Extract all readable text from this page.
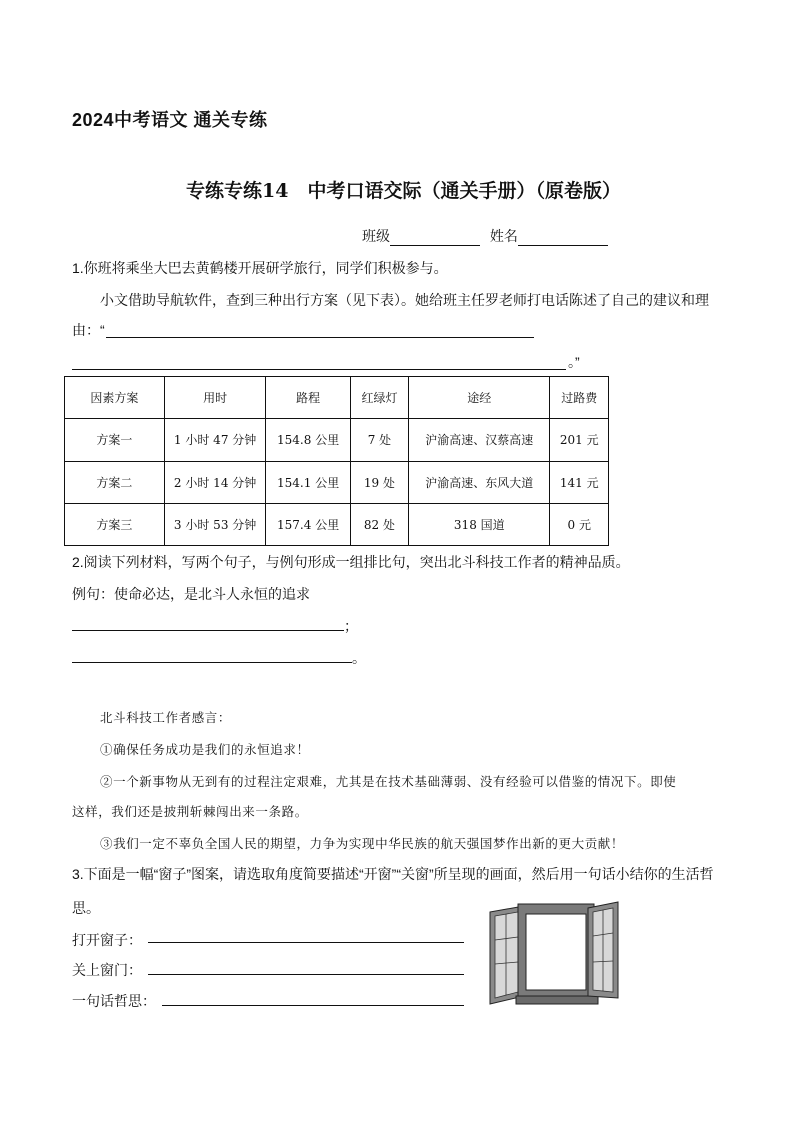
2024中考语文 通关专练
专练专练14　中考口语交际（通关手册）（原卷版）
班级	姓名
1.你班将乘坐大巴去黄鹤楼开展研学旅行，同学们积极参与。
小文借助导航软件，查到三种出行方案（见下表）。她给班主任罗老师打电话陈述了自己的建议和理
由：“
。”
因素方案	用时	路程	红绿灯	途经	过路费
方案一	1 小时 47 分钟	154.8 公里	7 处	沪渝高速、汉蔡高速	201 元
方案二	2 小时 14 分钟	154.1 公里	19 处	沪渝高速、东风大道	141 元
方案三	3 小时 53 分钟	157.4 公里	82 处	318 国道	0 元
2.阅读下列材料，写两个句子，与例句形成一组排比句，突出北斗科技工作者的精神品质。
例句：使命必达，是北斗人永恒的追求
；
。
北斗科技工作者感言：
①确保任务成功是我们的永恒追求！
②一个新事物从无到有的过程注定艰难，尤其是在技术基础薄弱、没有经验可以借鉴的情况下。即使
这样，我们还是披荆斩棘闯出来一条路。
③我们一定不辜负全国人民的期望，力争为实现中华民族的航天强国梦作出新的更大贡献！
3.下面是一幅“窗子”图案，请选取角度简要描述“开窗”“关窗”所呈现的画面，然后用一句话小结你的生活哲
思。
打开窗子：
关上窗门：
一句话哲思：
